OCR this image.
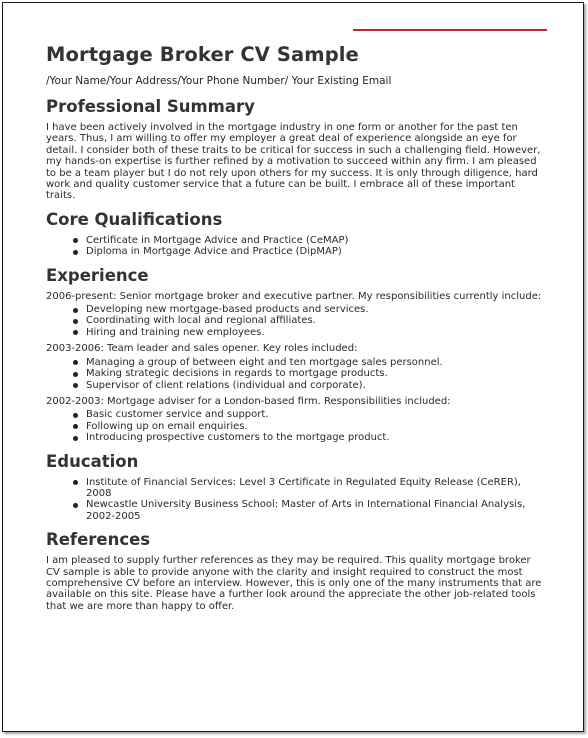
Mortgage Broker CV Sample
/Your Name/Your Address/Your Phone Number/ Your Existing Email
Professional Summary

I have been actively involved in the mortgage industry in one form or another for the past ten years. Thus, I am willing to offer my employer a great deal of experience alongside an eye for detail. I consider both of these traits to be critical for success in such a challenging field. However, my hands-on expertise is further refined by a motivation to succeed within any firm. I am pleased to be a team player but I do not rely upon others for my success. It is only through diligence, hard work and quality customer service that a future can be built. I embrace all of these important traits.

Core Qualifications
Certificate in Mortgage Advice and Practice (CeMAP)
Diploma in Mortgage Advice and Practice (DipMAP)
Experience

2006-present: Senior mortgage broker and executive partner. My responsibilities currently include:

Developing new mortgage-based products and services.
Coordinating with local and regional affiliates.
Hiring and training new employees.

2003-2006: Team leader and sales opener. Key roles included:

Managing a group of between eight and ten mortgage sales personnel.
Making strategic decisions in regards to mortgage products.
Supervisor of client relations (individual and corporate).

2002-2003: Mortgage adviser for a London-based firm. Responsibilities included:

Basic customer service and support.
Following up on email enquiries.
Introducing prospective customers to the mortgage product.
Education
Institute of Financial Services: Level 3 Certificate in Regulated Equity Release (CeRER), 2008
Newcastle University Business School: Master of Arts in International Financial Analysis, 2002-2005
References

I am pleased to supply further references as they may be required. This quality mortgage broker CV sample is able to provide anyone with the clarity and insight required to construct the most comprehensive CV before an interview. However, this is only one of the many instruments that are available on this site. Please have a further look around the appreciate the other job-related tools that we are more than happy to offer.
